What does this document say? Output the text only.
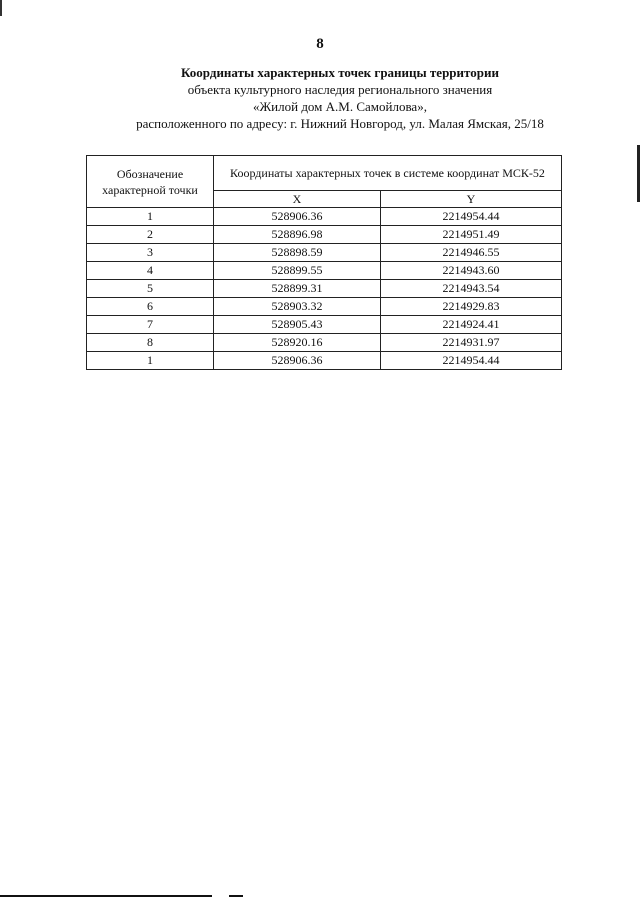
8
Координаты характерных точек границы территории
объекта культурного наследия регионального значения
«Жилой дом А.М. Самойлова»,
расположенного по адресу: г. Нижний Новгород, ул. Малая Ямская, 25/18
Обозначение характерной точки	Координаты характерных точек в системе координат МСК-52	
	X	Y
1	528906.36	2214954.44
2	528896.98	2214951.49
3	528898.59	2214946.55
4	528899.55	2214943.60
5	528899.31	2214943.54
6	528903.32	2214929.83
7	528905.43	2214924.41
8	528920.16	2214931.97
1	528906.36	2214954.44
